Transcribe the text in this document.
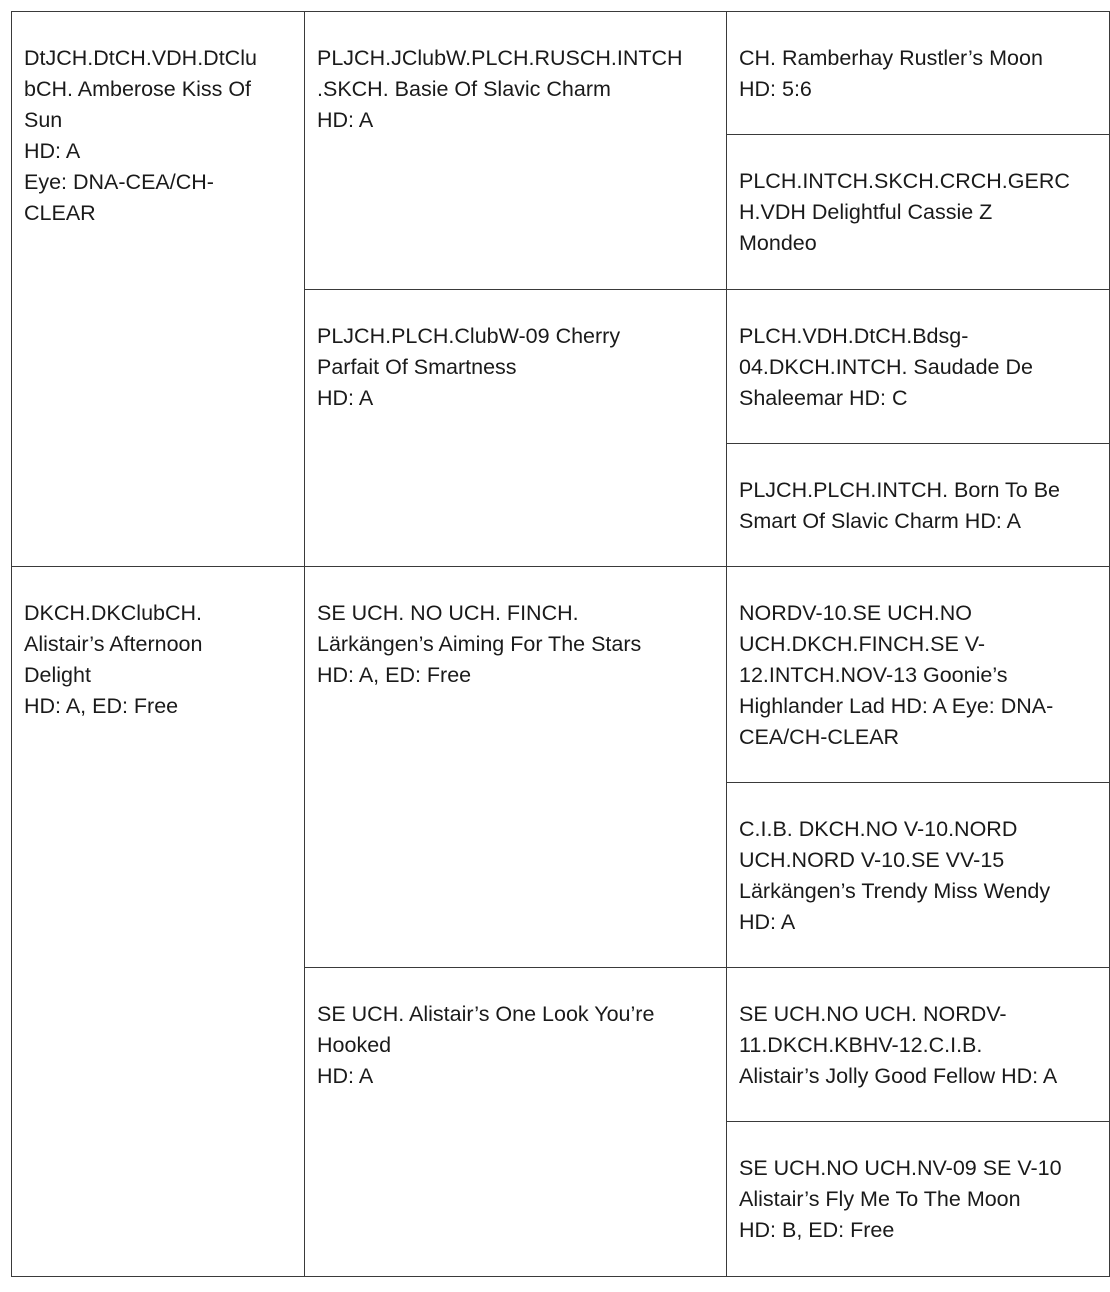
DtJCH.DtCH.VDH.DtClu
bCH. Amberose Kiss Of
Sun
HD: A
Eye: DNA-CEA/CH-
CLEAR
DKCH.DKClubCH.
Alistair’s Afternoon
Delight
HD: A, ED: Free
PLJCH.JClubW.PLCH.RUSCH.INTCH
.SKCH. Basie Of Slavic Charm
HD: A
PLJCH.PLCH.ClubW-09 Cherry
Parfait Of Smartness
HD: A
SE UCH. NO UCH. FINCH.
Lärkängen’s Aiming For The Stars
HD: A, ED: Free
SE UCH. Alistair’s One Look You’re
Hooked
HD: A
CH. Ramberhay Rustler’s Moon
HD: 5:6
PLCH.INTCH.SKCH.CRCH.GERC
H.VDH Delightful Cassie Z
Mondeo
PLCH.VDH.DtCH.Bdsg-
04.DKCH.INTCH. Saudade De
Shaleemar HD: C
PLJCH.PLCH.INTCH. Born To Be
Smart Of Slavic Charm HD: A
NORDV-10.SE UCH.NO
UCH.DKCH.FINCH.SE V-
12.INTCH.NOV-13 Goonie’s
Highlander Lad HD: A Eye: DNA-
CEA/CH-CLEAR
C.I.B. DKCH.NO V-10.NORD
UCH.NORD V-10.SE VV-15
Lärkängen’s Trendy Miss Wendy
HD: A
SE UCH.NO UCH. NORDV-
11.DKCH.KBHV-12.C.I.B.
Alistair’s Jolly Good Fellow HD: A
SE UCH.NO UCH.NV-09 SE V-10
Alistair’s Fly Me To The Moon
HD: B, ED: Free
